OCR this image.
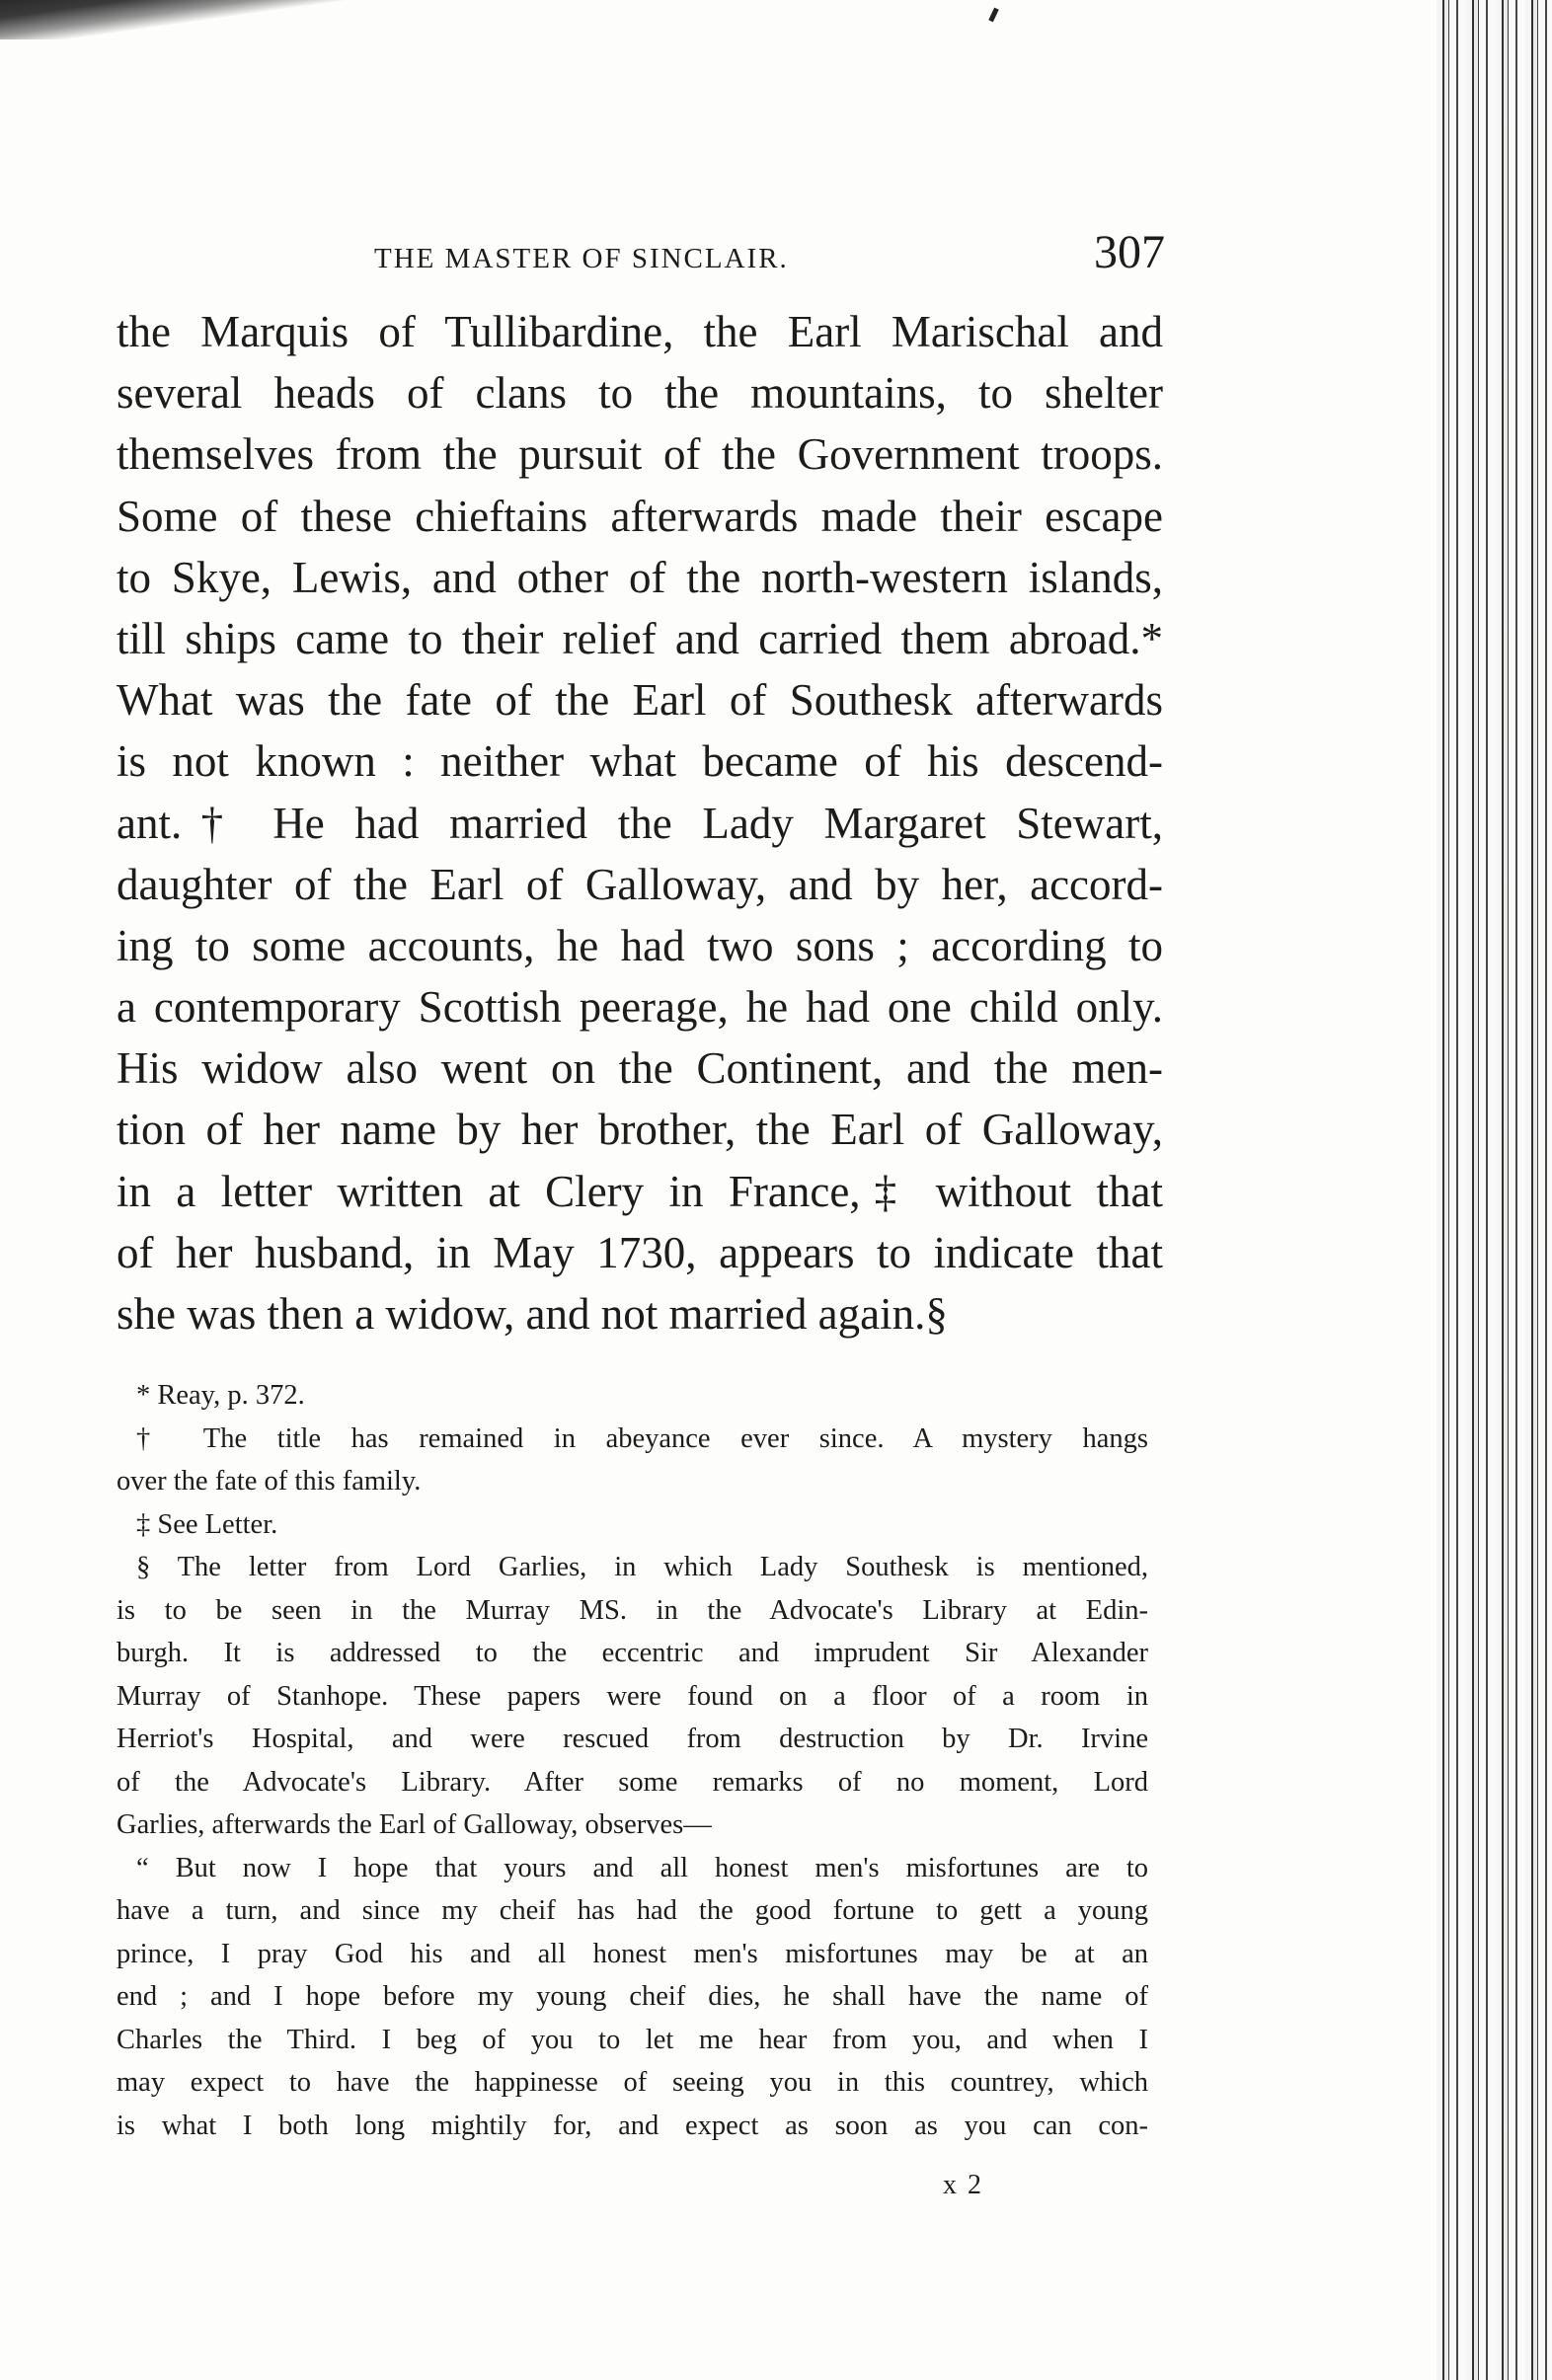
THE MASTER OF SINCLAIR.	307
the Marquis of Tullibardine, the Earl Marischal and
several heads of clans to the mountains, to shelter
themselves from the pursuit of the Government troops.
Some of these chieftains afterwards made their escape
to Skye, Lewis, and other of the north-western islands,
till ships came to their relief and carried them abroad.*
What was the fate of the Earl of Southesk afterwards
is not known : neither what became of his descend-
ant.† He had married the Lady Margaret Stewart,
daughter of the Earl of Galloway, and by her, accord-
ing to some accounts, he had two sons ; according to
a contemporary Scottish peerage, he had one child only.
His widow also went on the Continent, and the men-
tion of her name by her brother, the Earl of Galloway,
in a letter written at Clery in France,‡ without that
of her husband, in May 1730, appears to indicate that
she was then a widow, and not married again.§
* Reay, p. 372.
† The title has remained in abeyance ever since. A mystery hangs
over the fate of this family.
‡ See Letter.
§ The letter from Lord Garlies, in which Lady Southesk is mentioned,
is to be seen in the Murray MS. in the Advocate's Library at Edin-
burgh. It is addressed to the eccentric and imprudent Sir Alexander
Murray of Stanhope. These papers were found on a floor of a room in
Herriot's Hospital, and were rescued from destruction by Dr. Irvine
of the Advocate's Library. After some remarks of no moment, Lord
Garlies, afterwards the Earl of Galloway, observes—
“ But now I hope that yours and all honest men's misfortunes are to
have a turn, and since my cheif has had the good fortune to gett a young
prince, I pray God his and all honest men's misfortunes may be at an
end ; and I hope before my young cheif dies, he shall have the name of
Charles the Third. I beg of you to let me hear from you, and when I
may expect to have the happinesse of seeing you in this countrey, which
is what I both long mightily for, and expect as soon as you can con-
x 2
